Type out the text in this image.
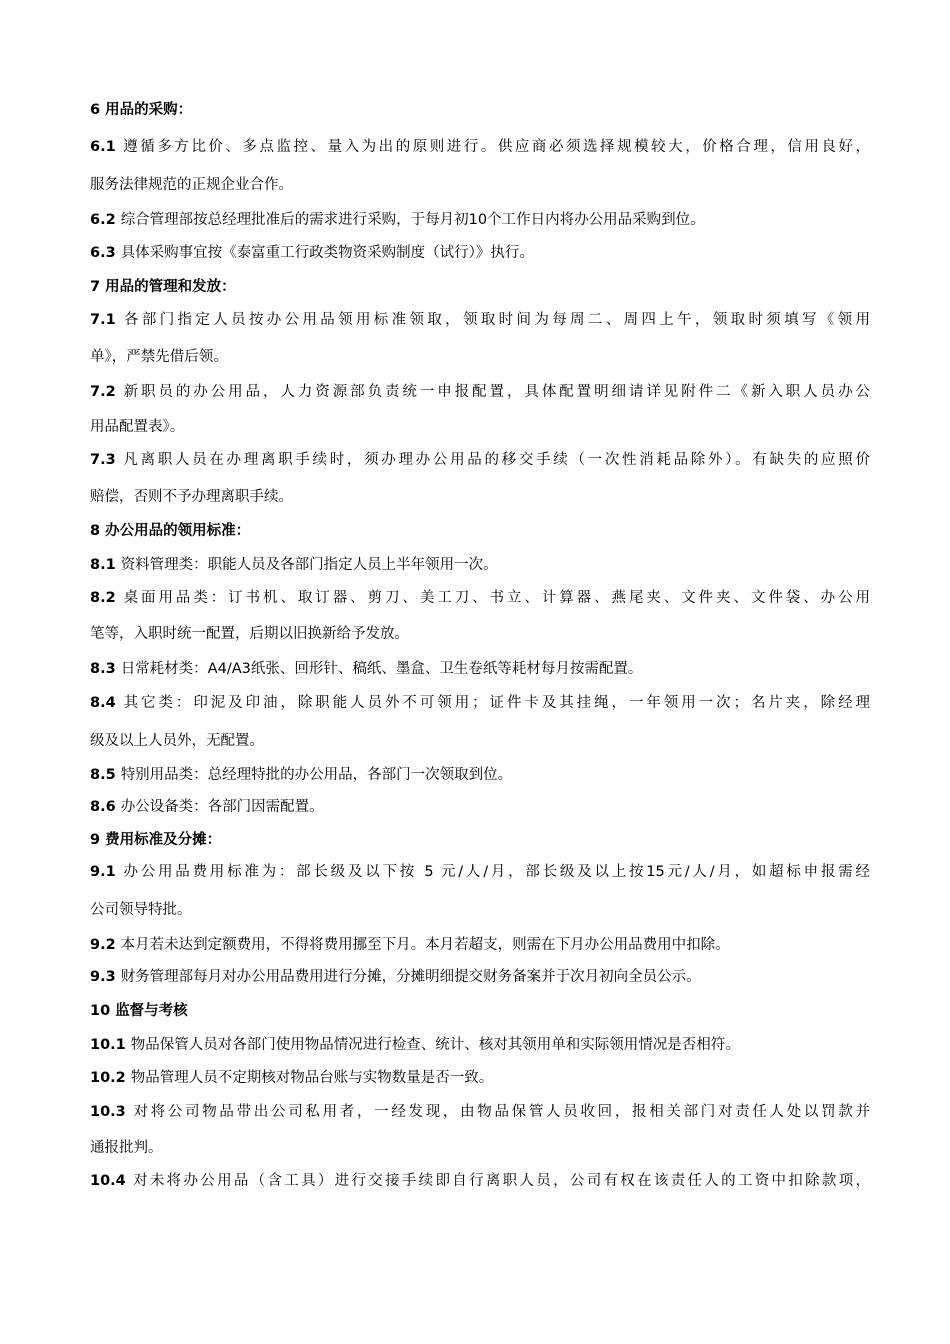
6 用品的采购：
6.1 遵循多方比价、多点监控、量入为出的原则进行。供应商必须选择规模较大，价格合理，信用良好，
服务法律规范的正规企业合作。
6.2 综合管理部按总经理批准后的需求进行采购，于每月初10个工作日内将办公用品采购到位。
6.3 具体采购事宜按《泰富重工行政类物资采购制度（试行）》执行。
7 用品的管理和发放：
7.1 各部门指定人员按办公用品领用标准领取，领取时间为每周二、周四上午，领取时须填写《领用
单》，严禁先借后领。
7.2 新职员的办公用品，人力资源部负责统一申报配置，具体配置明细请详见附件二《新入职人员办公
用品配置表》。
7.3 凡离职人员在办理离职手续时，须办理办公用品的移交手续（一次性消耗品除外）。有缺失的应照价
赔偿，否则不予办理离职手续。
8 办公用品的领用标准：
8.1 资料管理类：职能人员及各部门指定人员上半年领用一次。
8.2 桌面用品类：订书机、取订器、剪刀、美工刀、书立、计算器、燕尾夹、文件夹、文件袋、办公用
笔等，入职时统一配置，后期以旧换新给予发放。
8.3 日常耗材类：A4/A3纸张、回形针、稿纸、墨盒、卫生卷纸等耗材每月按需配置。
8.4 其它类：印泥及印油，除职能人员外不可领用；证件卡及其挂绳，一年领用一次；名片夹，除经理
级及以上人员外，无配置。
8.5 特别用品类：总经理特批的办公用品，各部门一次领取到位。
8.6 办公设备类：各部门因需配置。
9 费用标准及分摊：
9.1 办公用品费用标准为：部长级及以下按 5 元/人/月，部长级及以上按15元/人/月，如超标申报需经
公司领导特批。
9.2 本月若未达到定额费用，不得将费用挪至下月。本月若超支，则需在下月办公用品费用中扣除。
9.3 财务管理部每月对办公用品费用进行分摊，分摊明细提交财务备案并于次月初向全员公示。
10 监督与考核
10.1 物品保管人员对各部门使用物品情况进行检查、统计、核对其领用单和实际领用情况是否相符。
10.2 物品管理人员不定期核对物品台账与实物数量是否一致。
10.3 对将公司物品带出公司私用者，一经发现，由物品保管人员收回，报相关部门对责任人处以罚款并
通报批判。
10.4 对未将办公用品（含工具）进行交接手续即自行离职人员，公司有权在该责任人的工资中扣除款项，
